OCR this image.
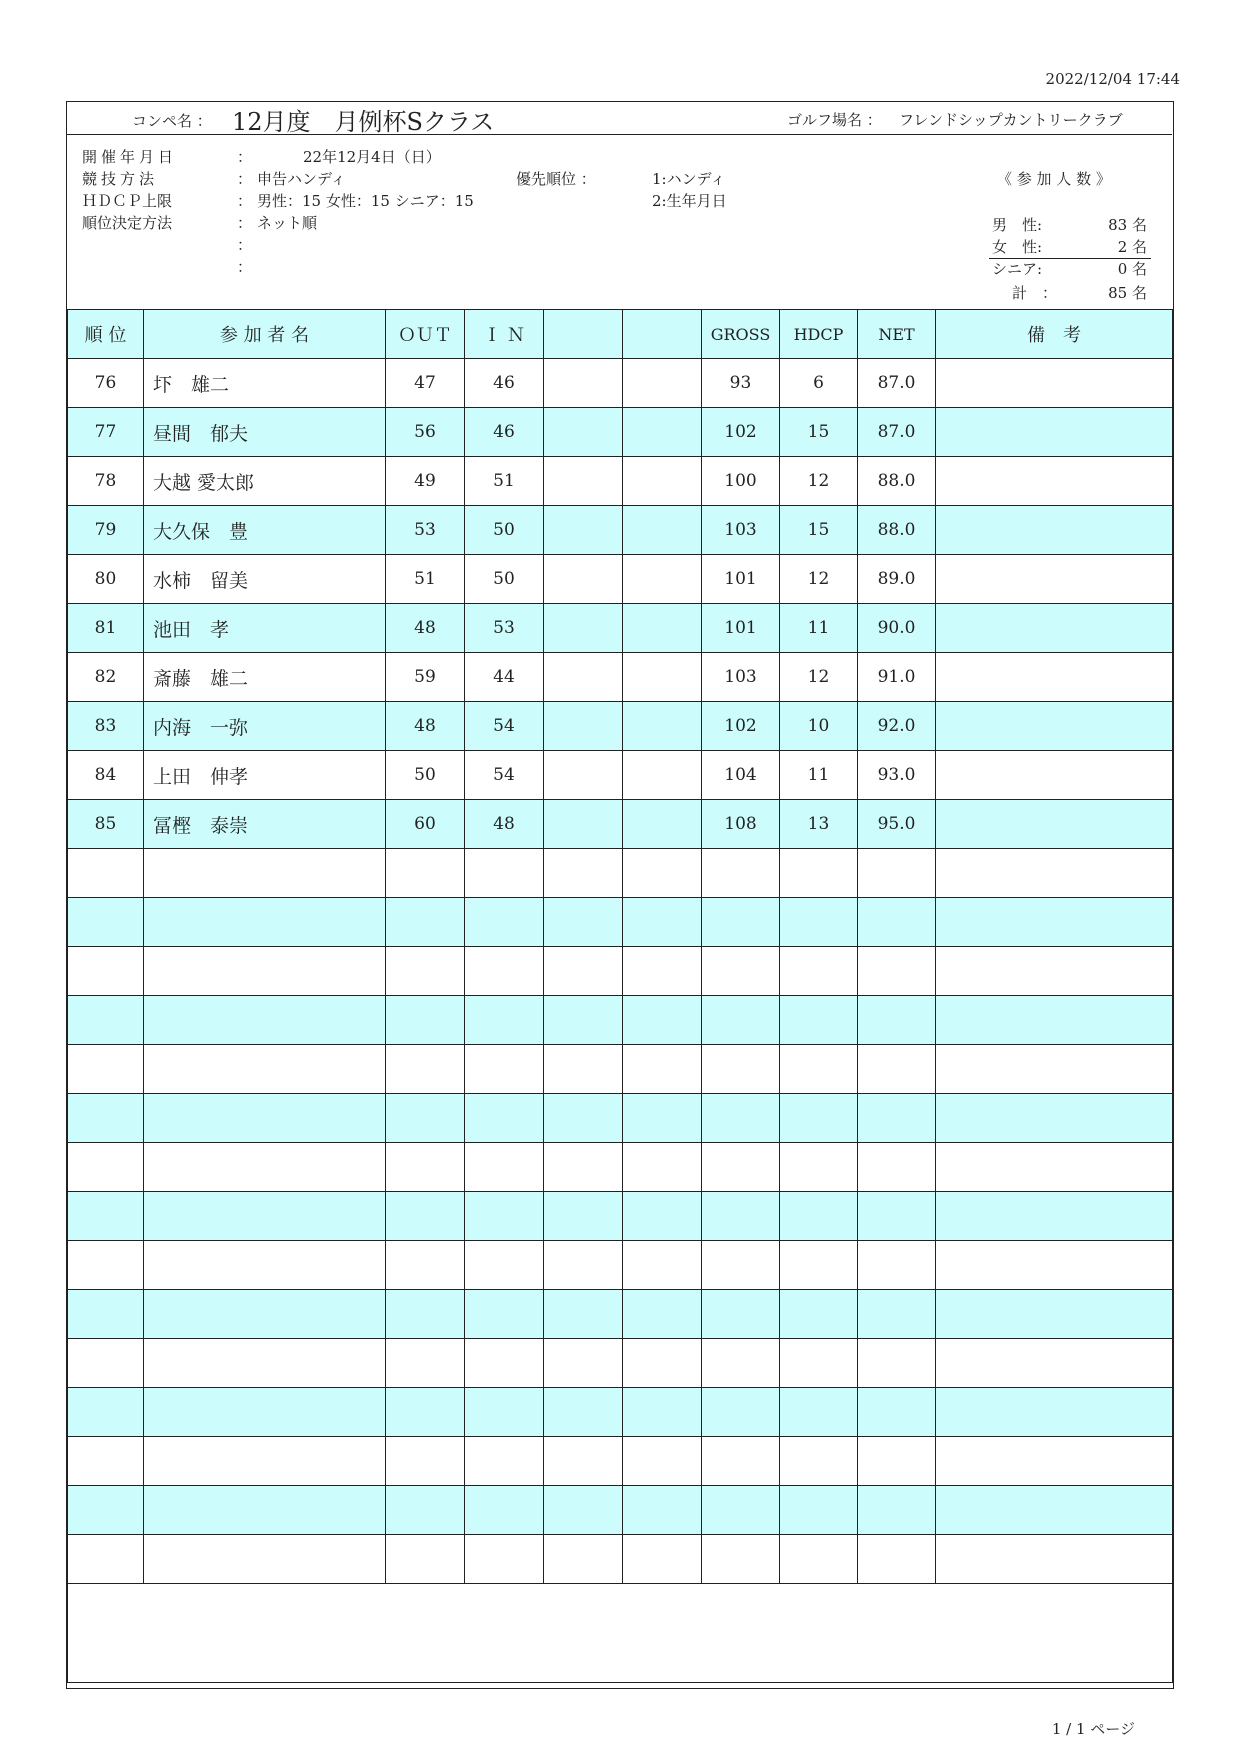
2022/12/04 17:44
コンペ名 ： 12月度　月例杯Sクラス	ゴルフ場名 ： フレンドシップカントリークラブ
開催年月日	：	22年12月4日（日）
競技方法	： 申告ハンディ	優先順位 ：	1:ハンディ
ＨＤＣＰ上限	： 男性：15 女性：15 シニア：15	2:生年月日
順位決定方法	： ネット順
：
：
《 参 加 人 数 》
男　性:	83 名
女　性:	2 名
シニア:	0 名
計　：	85 名
順 位	参 加 者 名	ＯＵＴ	Ｉ Ｎ			GROSS	HDCP	NET	備　考
76	圷　雄二	47	46			93	6	87.0	
77	昼間　郁夫	56	46			102	15	87.0	
78	大越 愛太郎	49	51			100	12	88.0	
79	大久保　豊	53	50			103	15	88.0	
80	水柿　留美	51	50			101	12	89.0	
81	池田　孝	48	53			101	11	90.0	
82	斎藤　雄二	59	44			103	12	91.0	
83	内海　一弥	48	54			102	10	92.0	
84	上田　伸孝	50	54			104	11	93.0	
85	冨樫　泰崇	60	48			108	13	95.0	

1 / 1 ページ
